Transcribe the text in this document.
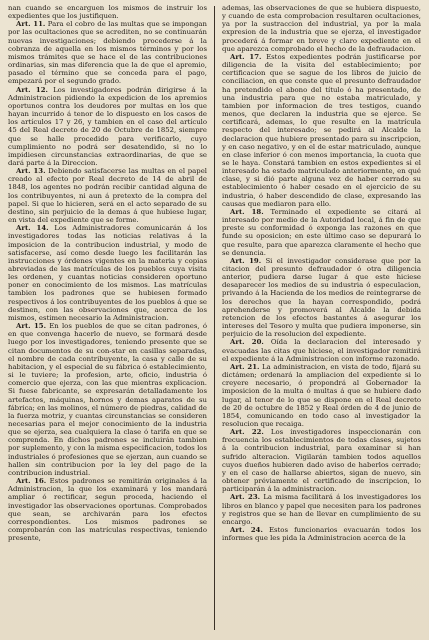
nan cuando se encarguen los mismos de instruir los expedientes que los justifiquen.

Art. 11. Para el cobro de las multas que se impongan por las ocultaciones que se acrediten, no se continuarán nuevas investigaciones; debiendo procederse á la cobranza de aquella en los mismos términos y por los mismos trámites que se hace el de las contribuciones ordinarias, sin mas diferencia que la de que el apremio, pasado el término que se conceda para el pago, empezará por el segundo grado.

Art. 12. Los investigadores podrán dirigirse á la Administracion pidiendo la expedicion de los apremios oportunos contra los deudores por multas en los que hayan incurrido á tenor de lo dispuesto en los casos de los artículos 17 y 26, y tambien en el caso del artículo 45 del Real decreto de 20 de Octubre de 1852, siempre que se halle procedido para verificarlo, cuyo cumplimiento no podrá ser desatendido, si no lo impidiesen circunstancias extraordinarias, de que se dará parte á la Direccion.

Art. 13. Debiendo satisfacerse las multas en el papel creado al efecto por Real decreto de 14 de abril de 1848, los agentes no podrán recibir cantidad alguna de los contribuyentes, ni aun á pretexto de la compra del papel. Si que lo hicieren, será en el acto separado de su destino, sin perjuicio de la demas á que hubiese lugar, en vista del expediente que se forme.

Art. 14. Los Administradores comunicarán á los investigadores todas las noticias relativas á la imposicion de la contribucion industrial, y modo de satisfacerse, así como desde luego les facilitarán las instrucciones y órdenes vigentes en la materia y copias abreviadas de las matrículas de los pueblos cuya visita les ordenen, y cuantas noticias consideren oportuno poner en conocimiento de los mismos. Las matrículas tambien los padrones que se hubiesen formado respectivos á los contribuyentes de los pueblos á que se destinen, con las observaciones que, acerca de los mismos, estimen necesario la Administracion.

Art. 15. En los pueblos de que se citan padrones, ó en que convenga hacerlo de nuevo, se formará desde luego por los investigadores, teniendo presente que se citan documentos de su con-star en casillas separadas, el nombre de cada contribuyente, la casa y calle de su habitacion, y el especial de su fábrica ó establecimiento, si le tuviere; la profesion, arte, oficio, industria ó comercio que ejerza, con las que mientras explicacion. Si fuese fabricante, se expresarán detalladamente los artefactos, máquinas, hornos y demas aparatos de su fábrica; en las molinos, el número de piedras, calidad de la fuerza motriz, y cuantas circunstancias se consideren necesarias para el mejor conocimiento de la industria que se ejerza, sea cualquiera la clase ó tarifa en que se comprenda. En dichos padrones se incluirán tambien por suplemento, y con la misma especificacion, todos los industriales ó profesiones que se ejerzan, aun cuando se hallen sin contribucion por la ley del pago de la contribucion industrial.

Art. 16. Estos padrones se remitirán originales á la Administracion, la que los examinará y los mandará ampliar ó rectificar, segun proceda, haciendo el investigador las observaciones oportunas. Comprobados que sean, se archivarán para los efectos correspondientes. Los mismos padrones se comprobarán con las matrículas respectivas, teniendo presente,

ademas, las observaciones de que se hubiera dispuesto, y cuando de esta comprobacion resultaren ocultaciones, ya por la sustraccion del industrial, ya por la mala expresion de la industria que se ejerza, el investigador procederá á formar en breve y claro expediente en el que aparezca comprobado el hecho de la defraudacion.

Art. 17. Estos expedientes podrán justificarse por diligencia de la visita del establecimiento; por certificacion que se sague de los libros de juicio de conciliacion, en que conste que el presunto defraudador ha pretendido el abono del título ó ha presentado, de una industria para que no estaba matriculado, y tambien por informacion de tres testigos, cuando menos, que declaren la industria que se ejerce. Se certificará, ademas, lo que resulte en la matrícula respecto del interesado; se pedirá al Alcalde la declaracion que hubiere presentado para su inscripcion, y en caso negativo, y en el de estar matriculado, aunque en clase inferior ó con menos importancia, la cuota que se le haya. Constará tambien en estos expedientes si el interesado ha estado matriculado anteriormente, en qué clase, y si dió parte alguna vez de haber cerrado su establecimiento ó haber cesado en el ejercicio de su industria, ó haber descendido de clase, expresando las causas que mediaron para ello.

Art. 18. Terminado el expediente se citará al interesado por medio de la Autoridad local, á fin de que preste su conformidad ó exponga las razones en que funde su oposicion; en este último caso se depurará lo que resulte, para que aparezca claramente el hecho que se denuncia.

Art. 19. Si el investigador considerase que por la citacion del presunto defraudador ó otra diligencia anterior, pudiera darse lugar á que este hiciese desaparecer los medios de su industria ó especulacion, privando á la Hacienda de los medios de reintegrarse de los derechos que la hayan correspondido, podrá aprehenderse y promoverá al Alcalde la debida retencion de los efectos bastantes á asegurar los intereses del Tesoro y multa que pudiera imponerse, sin perjuicio de la resolucion del expediente.

Art. 20. Oída la declaracion del interesado y evacuadas las citas que hiciese, el investigador remitirá el expediente á la Administracion con informe razonado.

Art. 21. La administracion, en vista de todo, fijará su dictámen; ordenará la ampliacion del expediente si lo creyere necesario, ó propondrá al Gobernador la imposicion de la multa ó multas á que se hubiere dado lugar, al tenor de lo que se dispone en el Real decreto de 20 de octubre de 1852 y Real órden de 4 de junio de 1854, comunicando en todo caso al investigador la resolucion que recaiga.

Art. 22. Los investigadores inspeccionarán con frecuencia los establecimientos de todas clases, sujetos á la contribucion industrial, para examinar si han sufrido alteracion. Vigilarán tambien todos aquellos cuyos dueños hubieren dado aviso de haberlos cerrado; y en el caso de hallarse abiertos, sigan de nuevo, sin obtener préviamente el certificado de inscripcion, lo participarán á la administracion.

Art. 23. La misma facilitará á los investigadores los libros en blanco y papel que necesiten para los padrones y registros que se han de llevar en cumplimiento de su encargo.

Art. 24. Estos funcionarios evacuarán todos los informes que les pida la Administracion acerca de la
